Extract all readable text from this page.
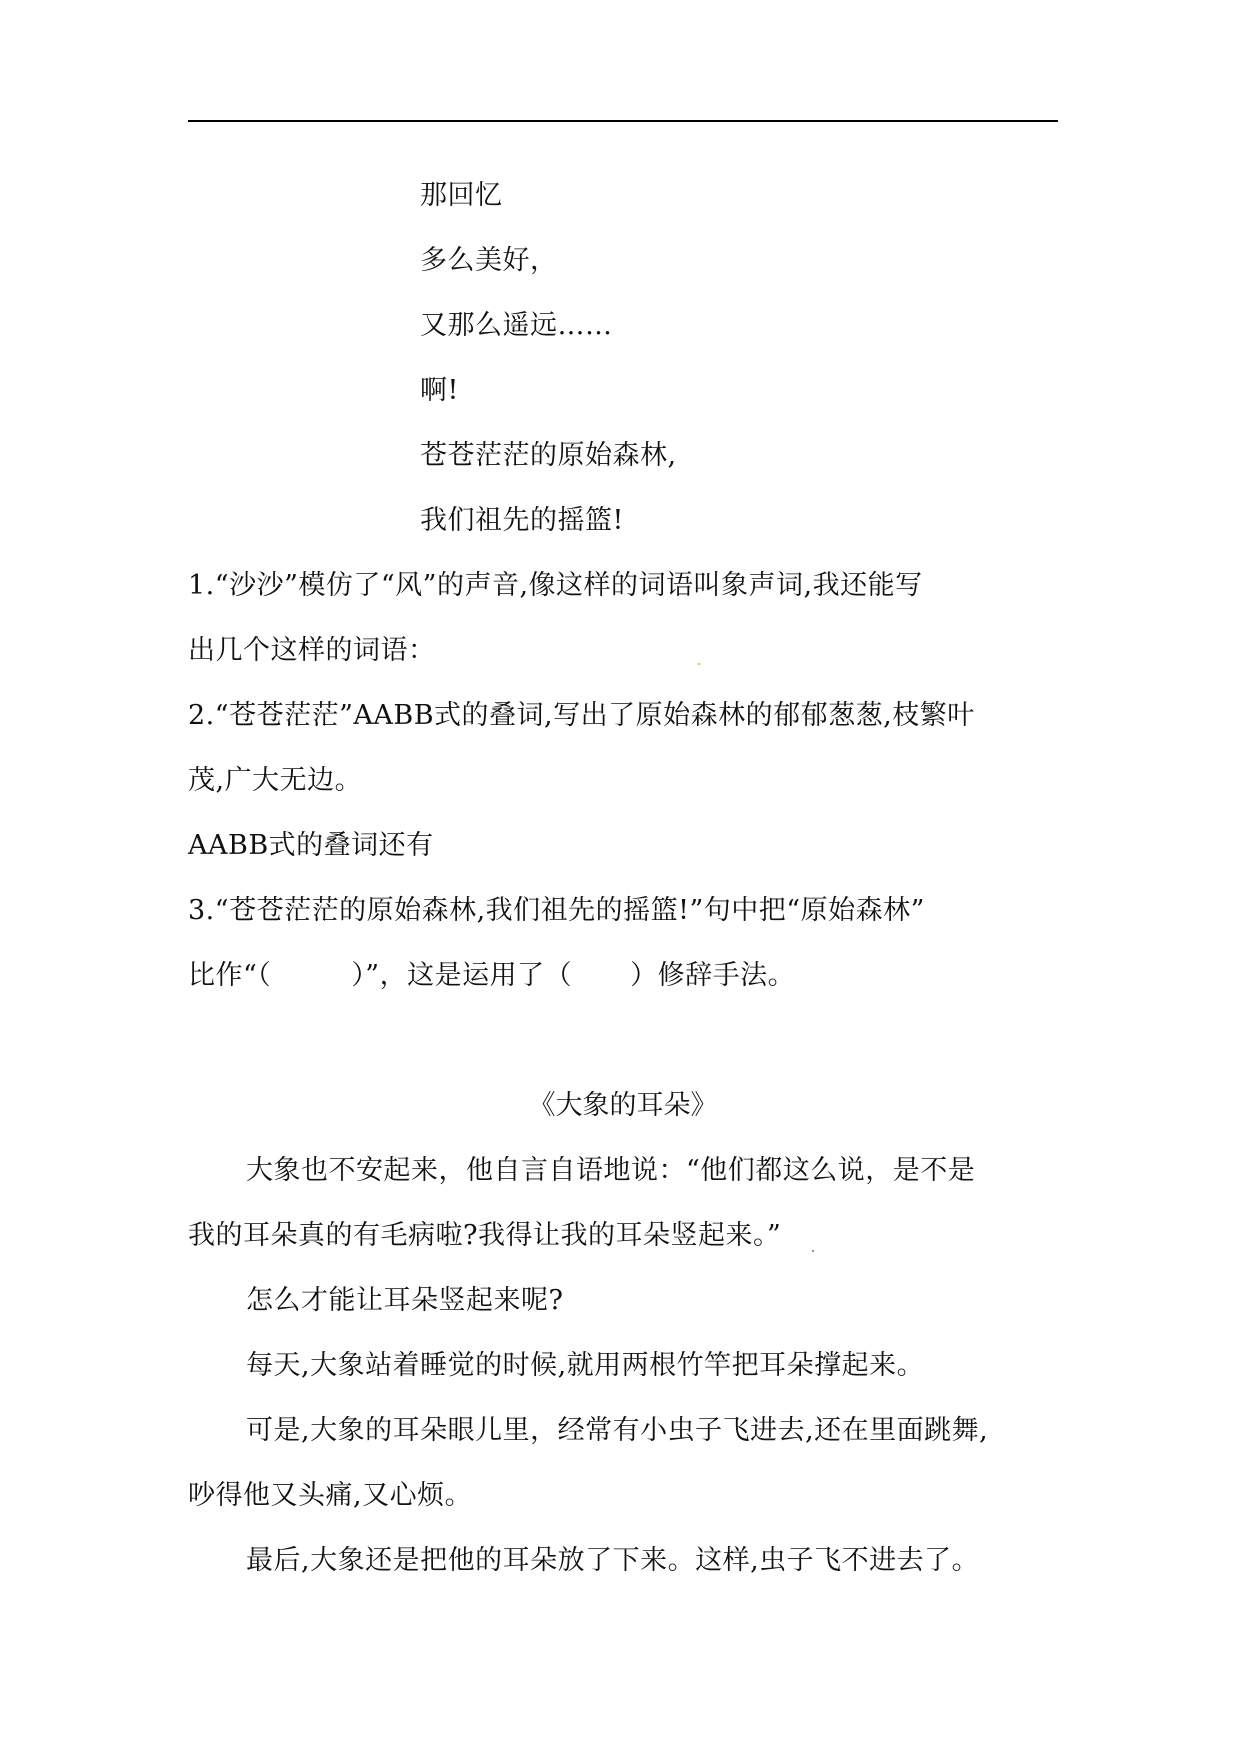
那回忆
多么美好，
又那么遥远……
啊!
苍苍茫茫的原始森林,
我们祖先的摇篮!
1.“沙沙”模仿了“风”的声音,像这样的词语叫象声词,我还能写
出几个这样的词语：
2.“苍苍茫茫”AABB式的叠词,写出了原始森林的郁郁葱葱,枝繁叶
茂,广大无边。
AABB式的叠词还有
3.“苍苍茫茫的原始森林,我们祖先的摇篮!”句中把“原始森林”
比作“（	）”，这是运用了（ ）修辞手法。
《大象的耳朵》
大象也不安起来，他自言自语地说：“他们都这么说，是不是
我的耳朵真的有毛病啦?我得让我的耳朵竖起来。”
怎么才能让耳朵竖起来呢?
每天,大象站着睡觉的时候,就用两根竹竿把耳朵撑起来。
可是,大象的耳朵眼儿里，经常有小虫子飞进去,还在里面跳舞,
吵得他又头痛,又心烦。
最后,大象还是把他的耳朵放了下来。这样,虫子飞不进去了。
